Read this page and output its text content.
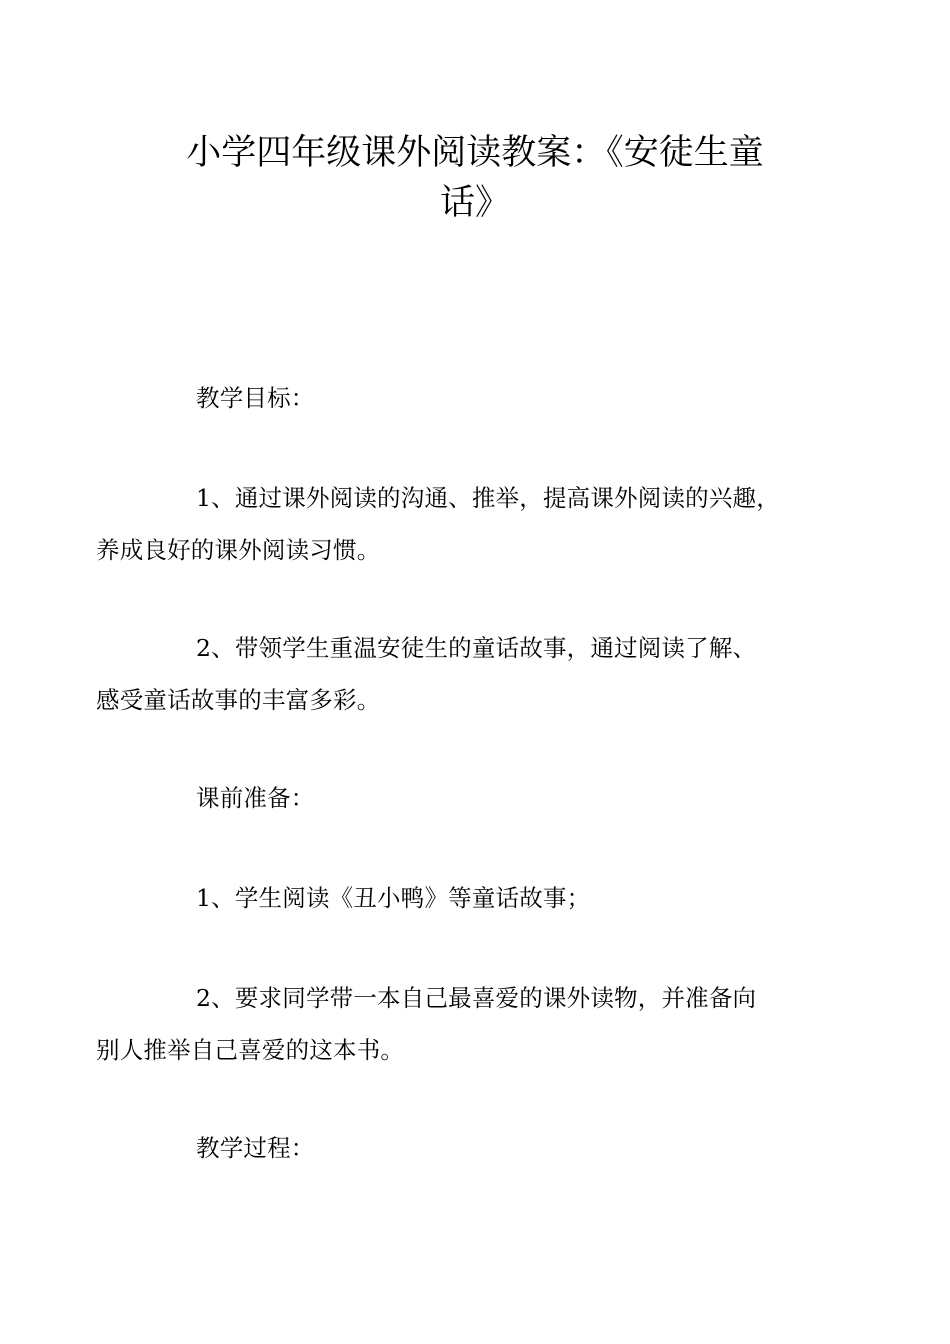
小学四年级课外阅读教案：《安徒生童
话》

教学目标：

1、通过课外阅读的沟通、推举，提高课外阅读的兴趣，
养成良好的课外阅读习惯。

2、带领学生重温安徒生的童话故事，通过阅读了解、
感受童话故事的丰富多彩。

课前准备：

1、学生阅读《丑小鸭》等童话故事；

2、要求同学带一本自己最喜爱的课外读物，并准备向
别人推举自己喜爱的这本书。

教学过程：
